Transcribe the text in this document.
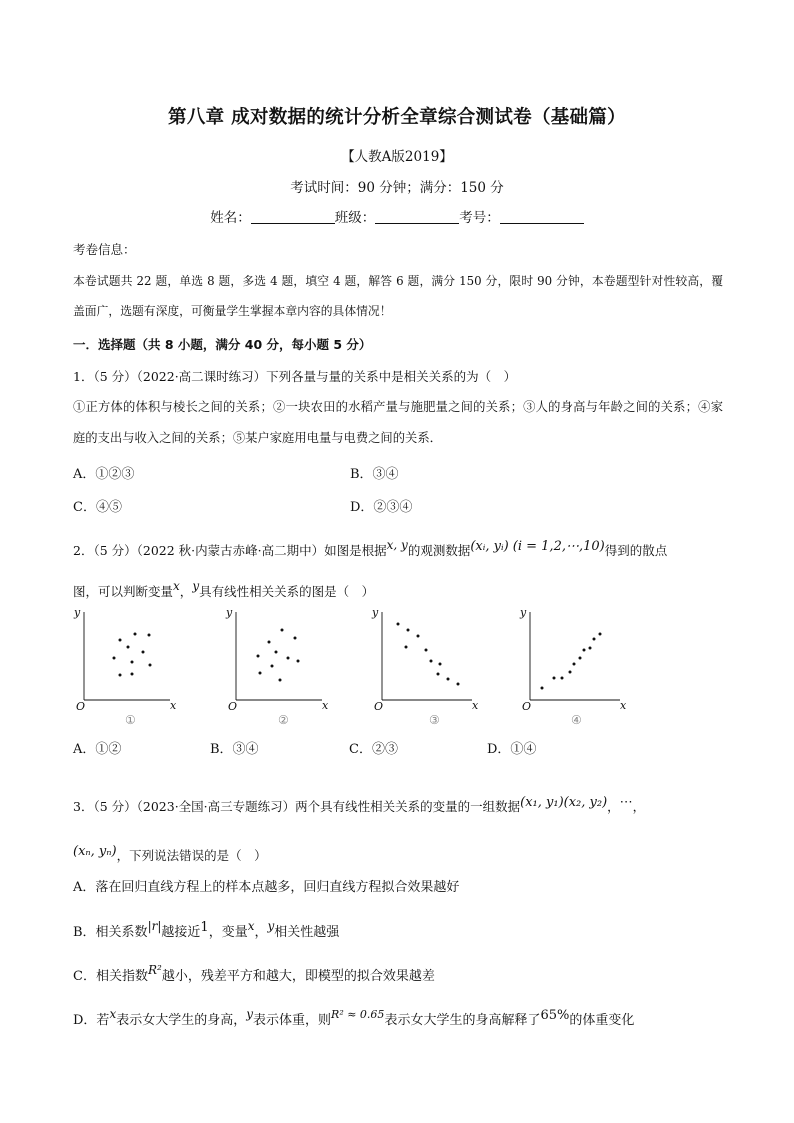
第八章 成对数据的统计分析全章综合测试卷（基础篇）
【人教A版2019】
考试时间：90 分钟；满分：150 分
姓名：	班级：	考号：
考卷信息：
本卷试题共 22 题，单选 8 题，多选 4 题，填空 4 题，解答 6 题，满分 150 分，限时 90 分钟，本卷题型针对性较高，覆盖面广，选题有深度，可衡量学生掌握本章内容的具体情况！
一．选择题（共 8 小题，满分 40 分，每小题 5 分）
1．（5 分）（2022·高二课时练习）下列各量与量的关系中是相关关系的为（　）
①正方体的体积与棱长之间的关系；②一块农田的水稻产量与施肥量之间的关系；③人的身高与年龄之间的关系；④家庭的支出与收入之间的关系；⑤某户家庭用电量与电费之间的关系．
A．①②③	B．③④
C．④⑤	D．②③④
2．（5 分）（2022 秋·内蒙古赤峰·高二期中）如图是根据x, y的观测数据(xᵢ, yᵢ) (i = 1,2,⋯,10)得到的散点
图，可以判断变量x，y具有线性相关关系的图是（　）
y
x
O
①
y
x
O
②
y
x
O
③
y
x
O
④
A．①②	B．③④	C．②③	D．①④
3．（5 分）（2023·全国·高三专题练习）两个具有线性相关关系的变量的一组数据(x₁, y₁)(x₂, y₂)，⋯，
(xₙ, yₙ)，下列说法错误的是（　）
A．落在回归直线方程上的样本点越多，回归直线方程拟合效果越好
B．相关系数|r|越接近1，变量x，y相关性越强
C．相关指数R²越小，残差平方和越大，即模型的拟合效果越差
D．若x表示女大学生的身高，y表示体重，则$^{R^2 \approx 0.65}$表示女大学生的身高解释了65%的体重变化
